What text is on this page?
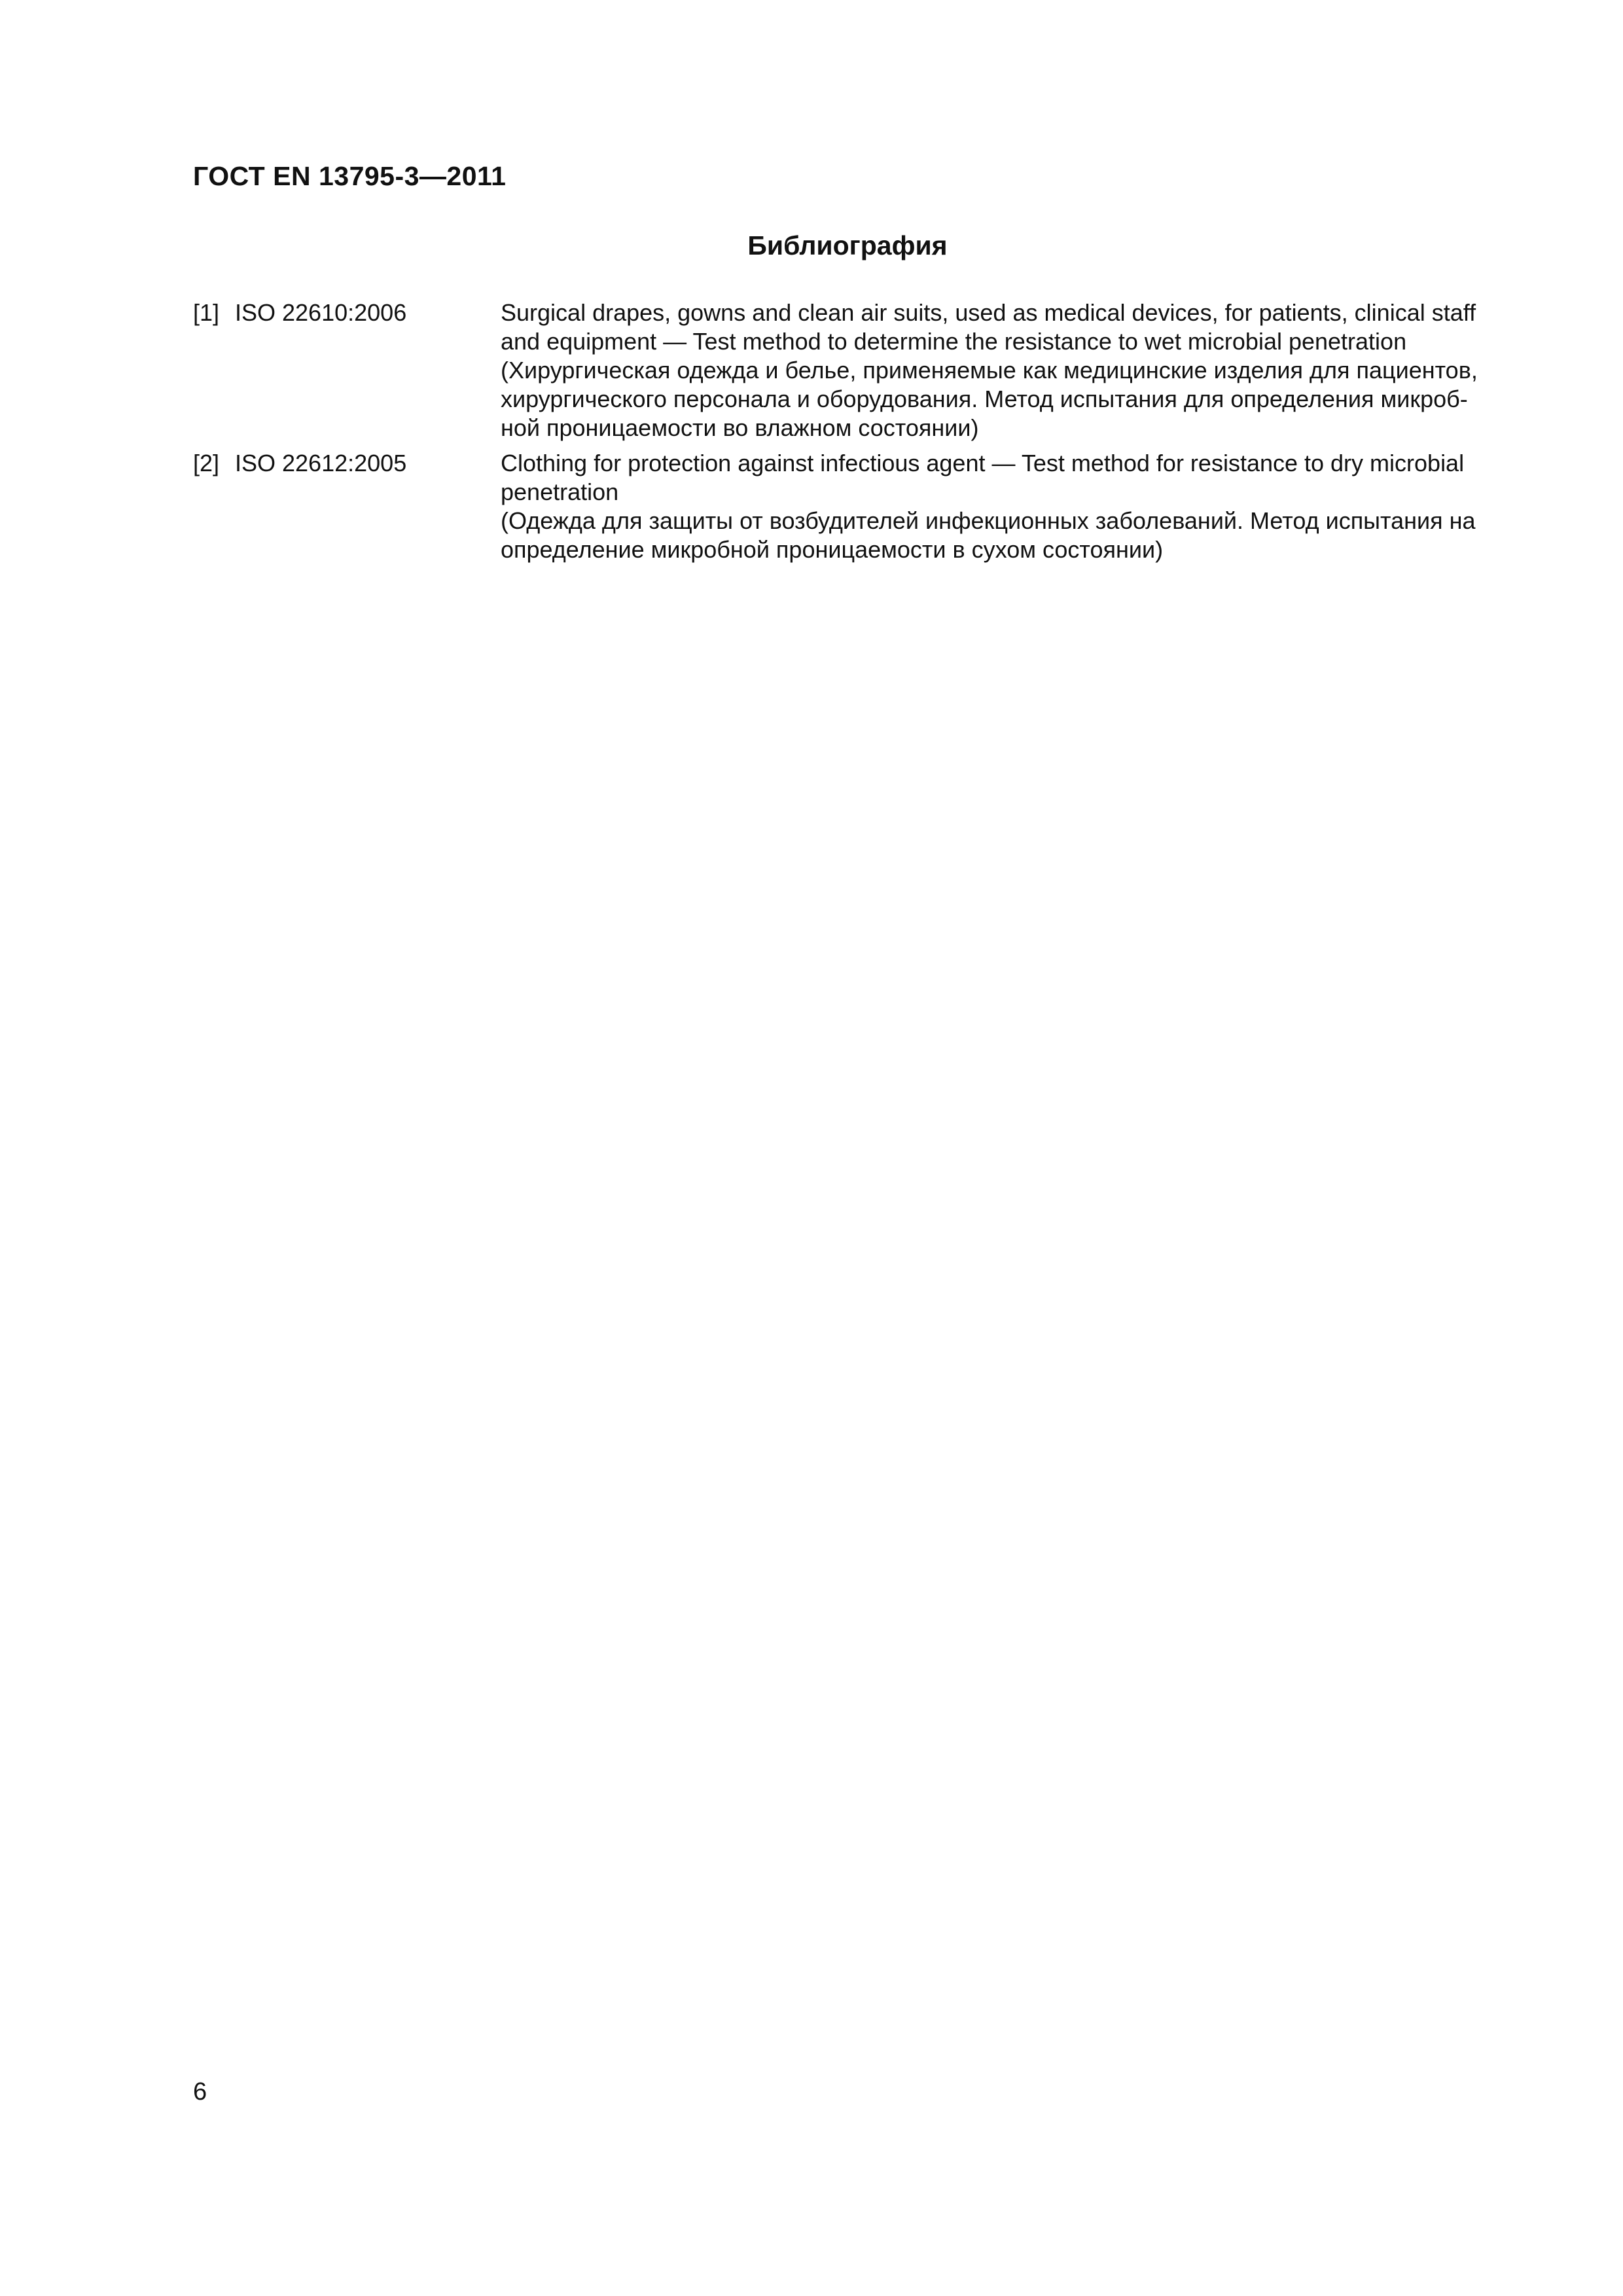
ГОСТ EN 13795-3—2011
Библиография
[1] ISO 22610:2006	Surgical drapes, gowns and clean air suits, used as medical devices, for patients, clinical staff
and equipment — Test method to determine the resistance to wet microbial penetration
(Хирургическая одежда и белье, применяемые как медицинские изделия для пациентов,
хирургического персонала и оборудования. Метод испытания для определения микроб-
ной проницаемости во влажном состоянии)
[2] ISO 22612:2005	Clothing for protection against infectious agent — Test method for resistance to dry microbial
penetration
(Одежда для защиты от возбудителей инфекционных заболеваний. Метод испытания на
определение микробной проницаемости в сухом состоянии)
6
